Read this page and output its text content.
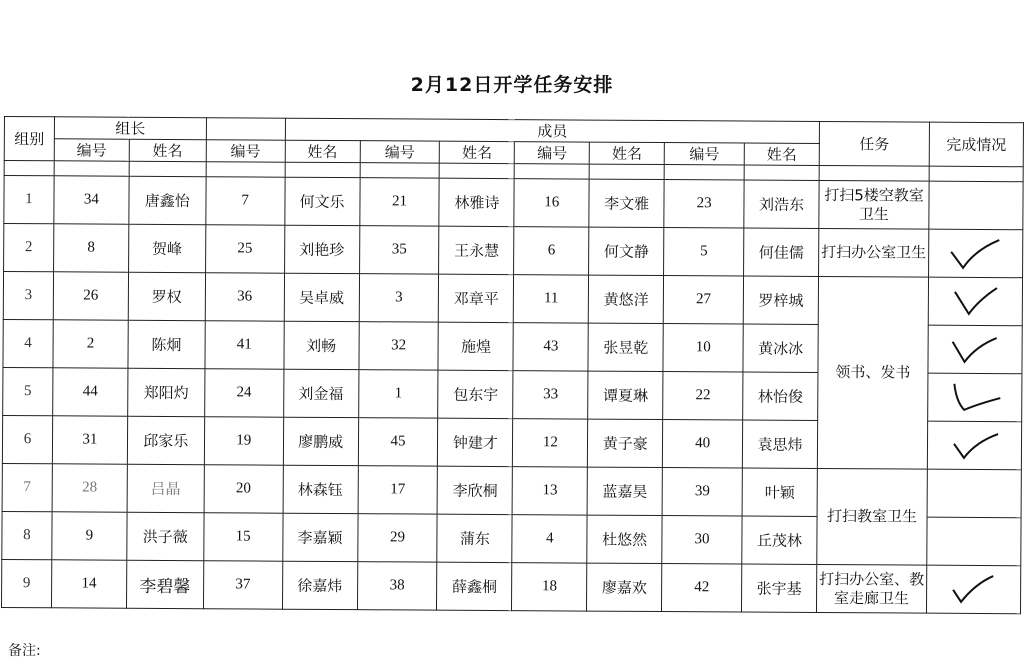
2月12日开学任务安排
组别	组长			成员							任务	完成情况
	编号	姓名	编号	姓名	编号	姓名	编号	姓名	编号	姓名		

1	34	唐鑫怡	7	何文乐	21	林雅诗	16	李文雅	23	刘浩东	打扫5楼空教室卫生	
2	8	贺峰	25	刘艳珍	35	王永慧	6	何文静	5	何佳儒	打扫办公室卫生	

3	26	罗权	36	吴卓威	3	邓章平	11	黄悠洋	27	罗梓城	领书、发书	

4	2	陈炯	41	刘畅	32	施煌	43	张昱乾	10	黄冰冰	

5	44	郑阳灼	24	刘金福	1	包东宇	33	谭夏琳	22	林怡俊	

6	31	邱家乐	19	廖鹏威	45	钟建才	12	黄子豪	40	袁思炜	

7	28	吕晶	20	林森钰	17	李欣桐	13	蓝嘉昊	39	叶颖	打扫教室卫生	
8	9	洪子薇	15	李嘉颖	29	蒲东	4	杜悠然	30	丘茂林		
9	14	李碧馨	37	徐嘉炜	38	薛鑫桐	18	廖嘉欢	42	张宇基	打扫办公室、教室走廊卫生	
备注:
